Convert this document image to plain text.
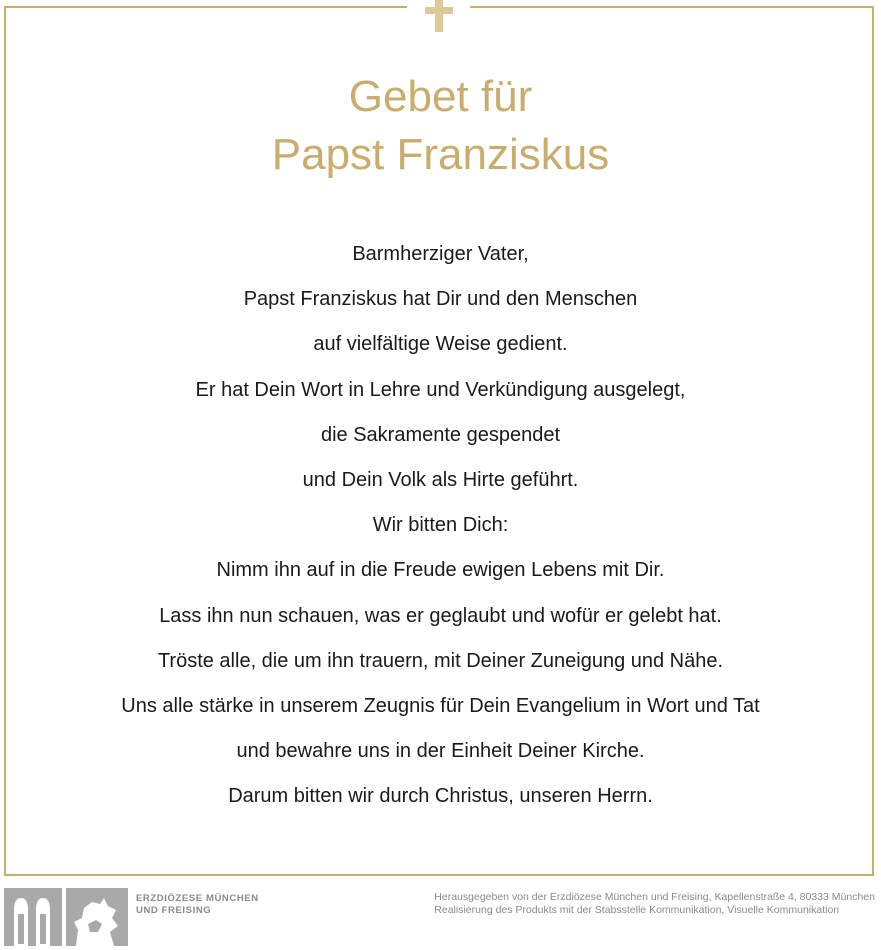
Gebet für
Papst Franziskus
Barmherziger Vater,
Papst Franziskus hat Dir und den Menschen
auf vielfältige Weise gedient.
Er hat Dein Wort in Lehre und Verkündigung ausgelegt,
die Sakramente gespendet
und Dein Volk als Hirte geführt.
Wir bitten Dich:
Nimm ihn auf in die Freude ewigen Lebens mit Dir.
Lass ihn nun schauen, was er geglaubt und wofür er gelebt hat.
Tröste alle, die um ihn trauern, mit Deiner Zuneigung und Nähe.
Uns alle stärke in unserem Zeugnis für Dein Evangelium in Wort und Tat
und bewahre uns in der Einheit Deiner Kirche.
Darum bitten wir durch Christus, unseren Herrn.
ERZDIÖZESE MÜNCHEN
UND FREISING
Herausgegeben von der Erzdiözese München und Freising, Kapellenstraße 4, 80333 München
Realisierung des Produkts mit der Stabsstelle Kommunikation, Visuelle Kommunikation
